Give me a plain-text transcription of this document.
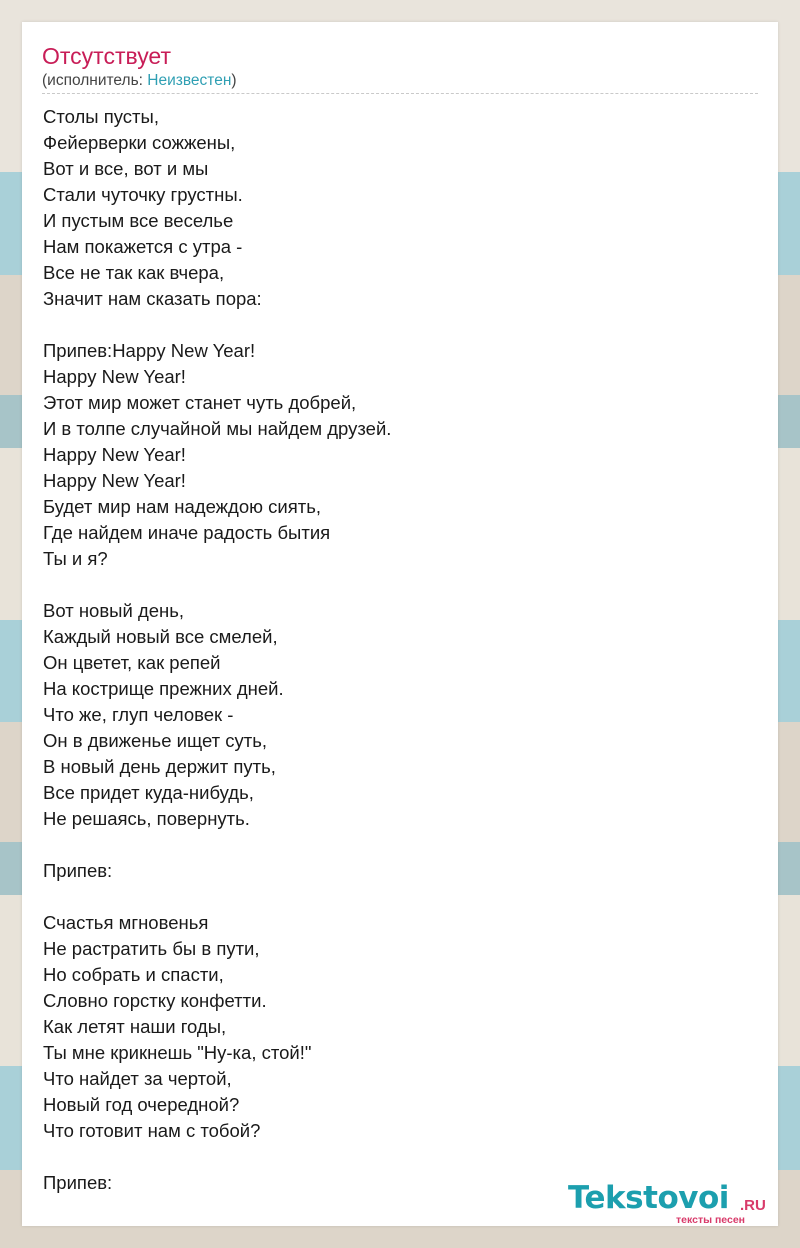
Отсутствует
(исполнитель: Неизвестен)
Столы пусты,
Фейерверки сожжены,
Вот и все, вот и мы
Стали чуточку грустны.
И пустым все веселье
Нам покажется с утра -
Все не так как вчера,
Значит нам сказать пора:
Припев:Happy New Year!
Happy New Year!
Этот мир может станет чуть добрей,
И в толпе случайной мы найдем друзей.
Happy New Year!
Happy New Year!
Будет мир нам надеждою сиять,
Где найдем иначе радость бытия
Ты и я?
Вот новый день,
Каждый новый все смелей,
Он цветет, как репей
На кострище прежних дней.
Что же, глуп человек -
Он в движенье ищет суть,
В новый день держит путь,
Все придет куда-нибудь,
Не решаясь, повернуть.
Припев:
Счастья мгновенья
Не растратить бы в пути,
Но собрать и спасти,
Словно горстку конфетти.
Как летят наши годы,
Ты мне крикнешь "Ну-ка, стой!"
Что найдет за чертой,
Новый год очередной?
Что готовит нам с тобой?
Припев:	Tekstovoi .RU
тексты песен
